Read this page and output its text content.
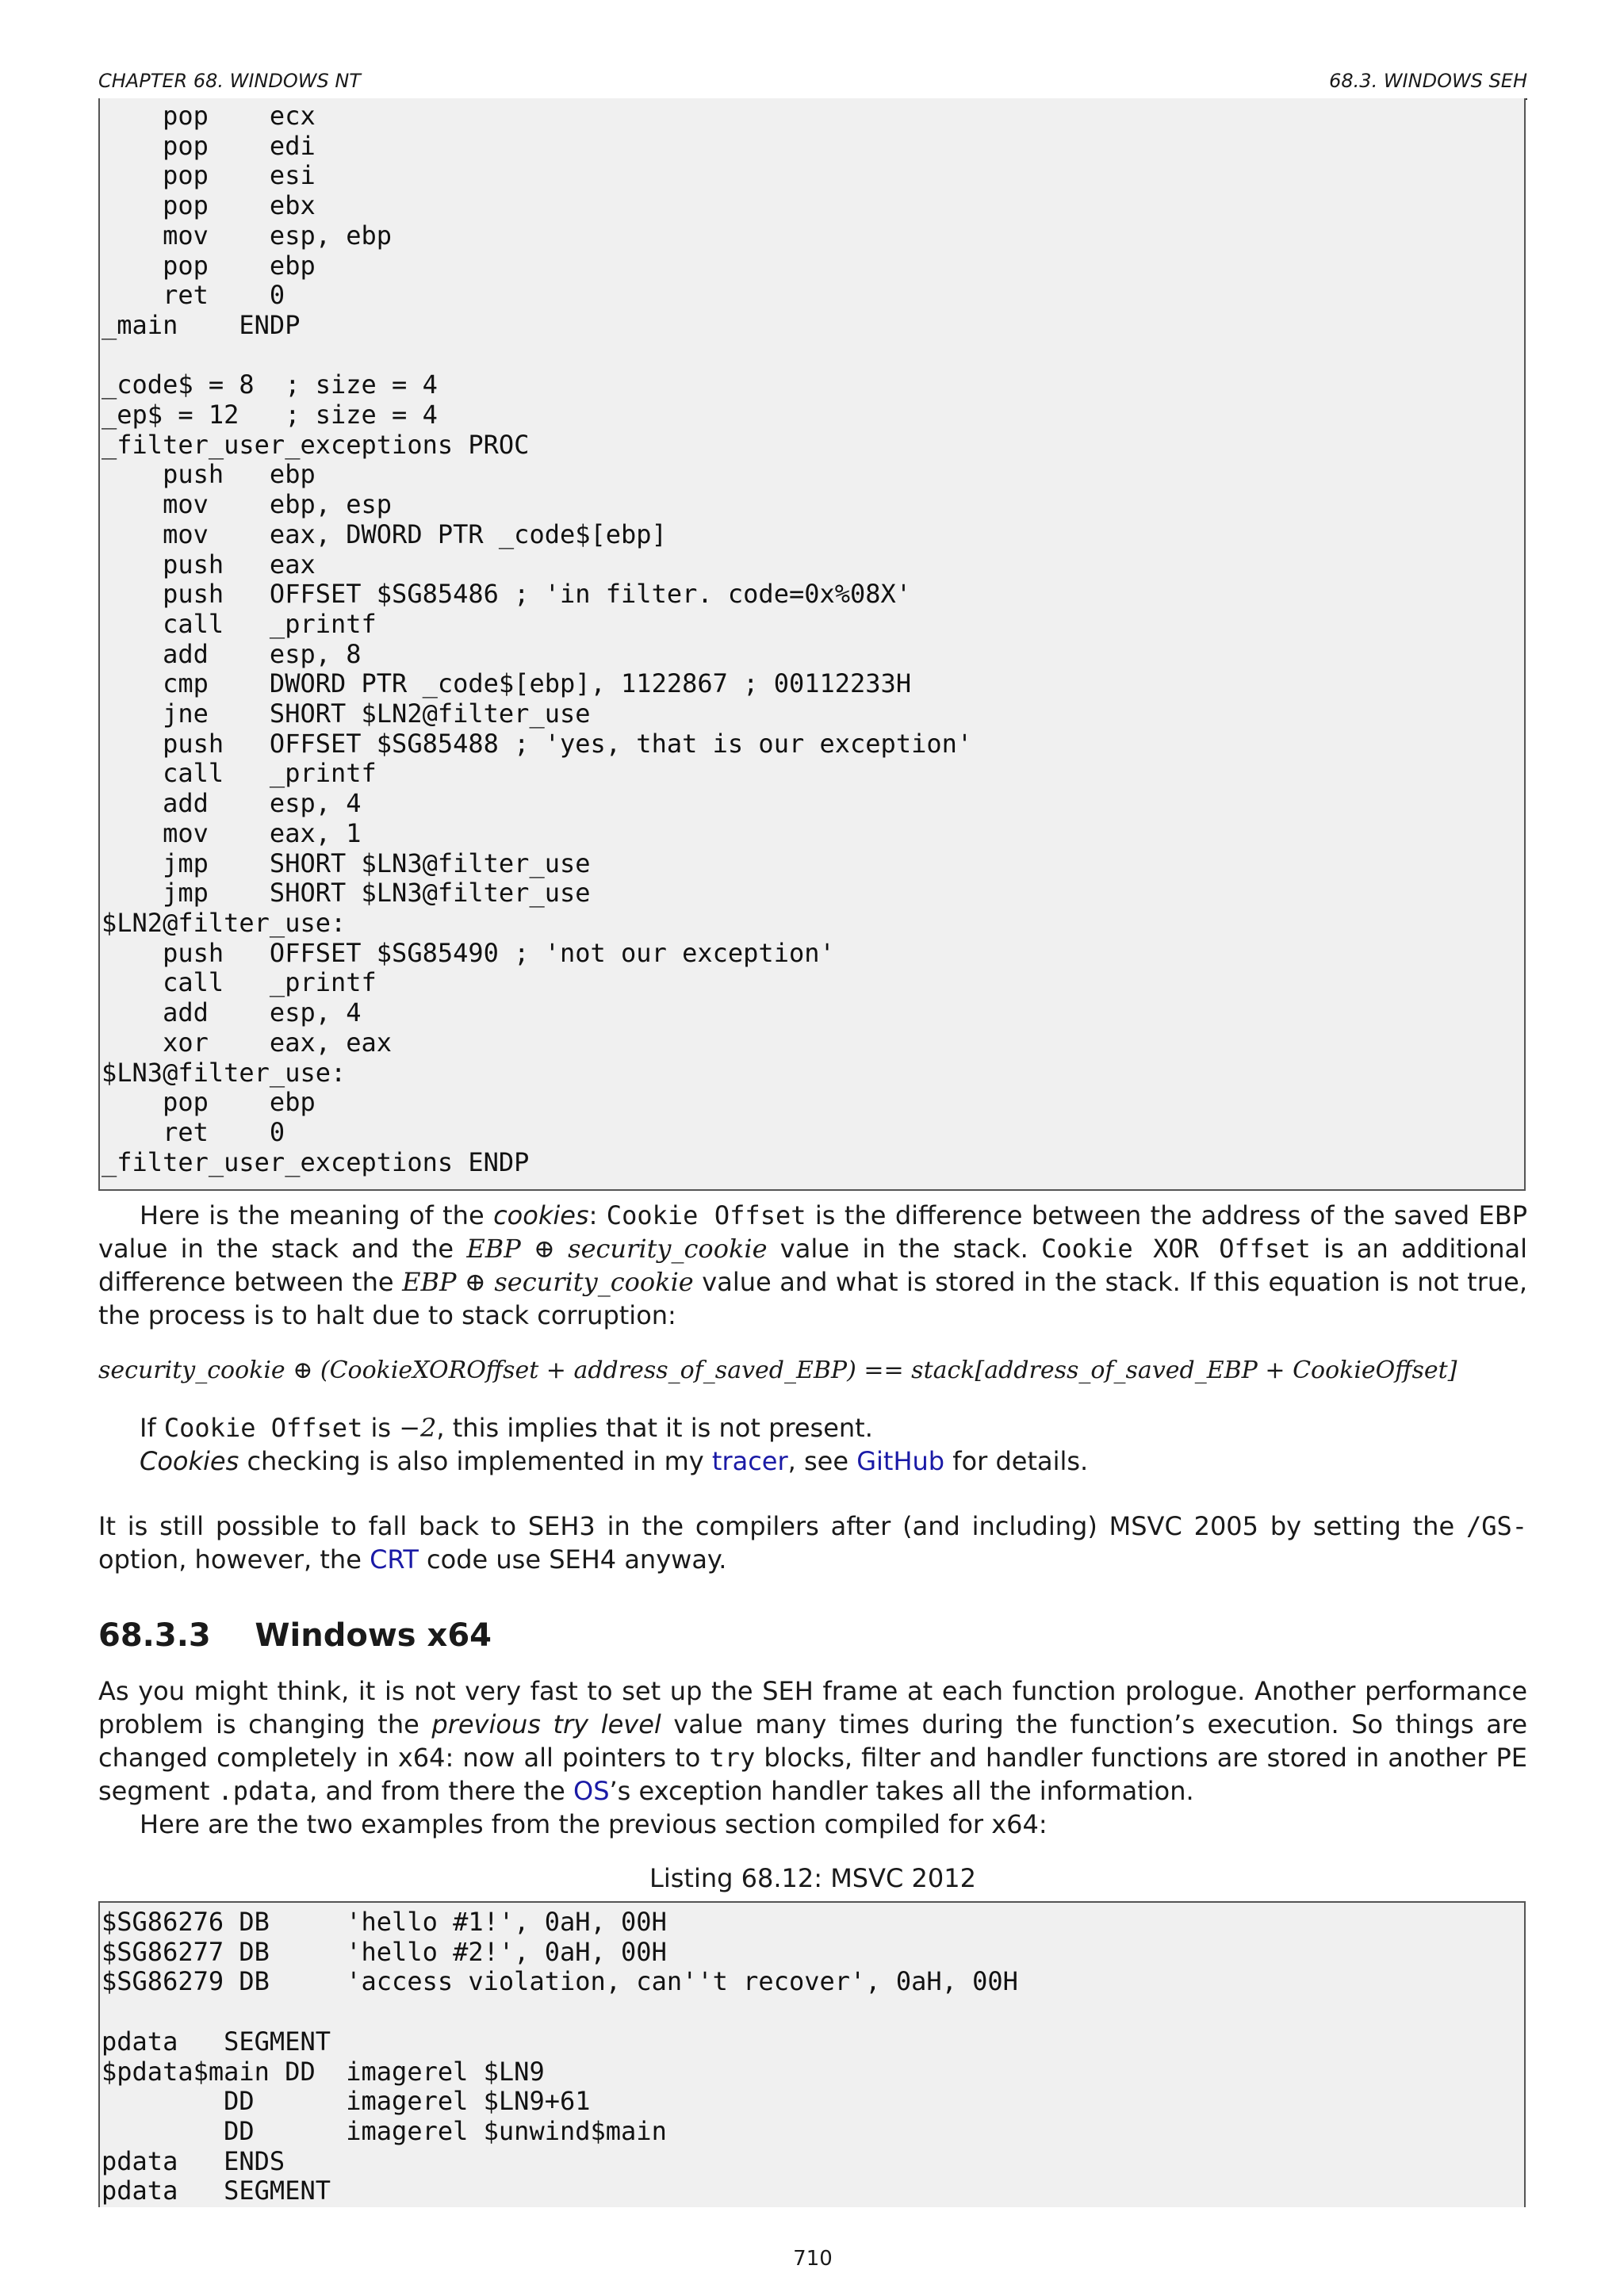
CHAPTER 68. WINDOWS NT	68.3. WINDOWS SEH
pop    ecx
pop    edi
pop    esi
pop    ebx
mov    esp, ebp
pop    ebp
ret    0
_main    ENDP

_code$ = 8  ; size = 4
_ep$ = 12   ; size = 4
_filter_user_exceptions PROC
push   ebp
mov    ebp, esp
mov    eax, DWORD PTR _code$[ebp]
push   eax
push   OFFSET $SG85486 ; 'in filter. code=0x%08X'
call   _printf
add    esp, 8
cmp    DWORD PTR _code$[ebp], 1122867 ; 00112233H
jne    SHORT $LN2@filter_use
push   OFFSET $SG85488 ; 'yes, that is our exception'
call   _printf
add    esp, 4
mov    eax, 1
jmp    SHORT $LN3@filter_use
jmp    SHORT $LN3@filter_use
$LN2@filter_use:
push   OFFSET $SG85490 ; 'not our exception'
call   _printf
add    esp, 4
xor    eax, eax
$LN3@filter_use:
pop    ebp
ret    0
_filter_user_exceptions ENDP

Here is the meaning of the cookies: Cookie Offset is the difference between the address of the saved EBP value in the stack and the EBP ⊕ security_cookie value in the stack. Cookie XOR Offset is an additional difference between the EBP ⊕ security_cookie value and what is stored in the stack. If this equation is not true, the process is to halt due to stack corruption:

security_cookie ⊕ (CookieXOROffset + address_of_saved_EBP) == stack[address_of_saved_EBP + CookieOffset]

If Cookie Offset is −2, this implies that it is not present.

Cookies checking is also implemented in my tracer, see GitHub for details.

It is still possible to fall back to SEH3 in the compilers after (and including) MSVC 2005 by setting the /GS- option, however, the CRT code use SEH4 anyway.

68.3.3    Windows x64

As you might think, it is not very fast to set up the SEH frame at each function prologue. Another performance problem is changing the previous try level value many times during the function’s execution. So things are changed completely in x64: now all pointers to try blocks, filter and handler functions are stored in another PE segment .pdata, and from there the OS’s exception handler takes all the information.

Here are the two examples from the previous section compiled for x64:

Listing 68.12: MSVC 2012
$SG86276 DB     'hello #1!', 0aH, 00H
$SG86277 DB     'hello #2!', 0aH, 00H
$SG86279 DB     'access violation, can''t recover', 0aH, 00H

pdata   SEGMENT
$pdata$main DD  imagerel $LN9
DD      imagerel $LN9+61
DD      imagerel $unwind$main
pdata   ENDS
pdata   SEGMENT
710
